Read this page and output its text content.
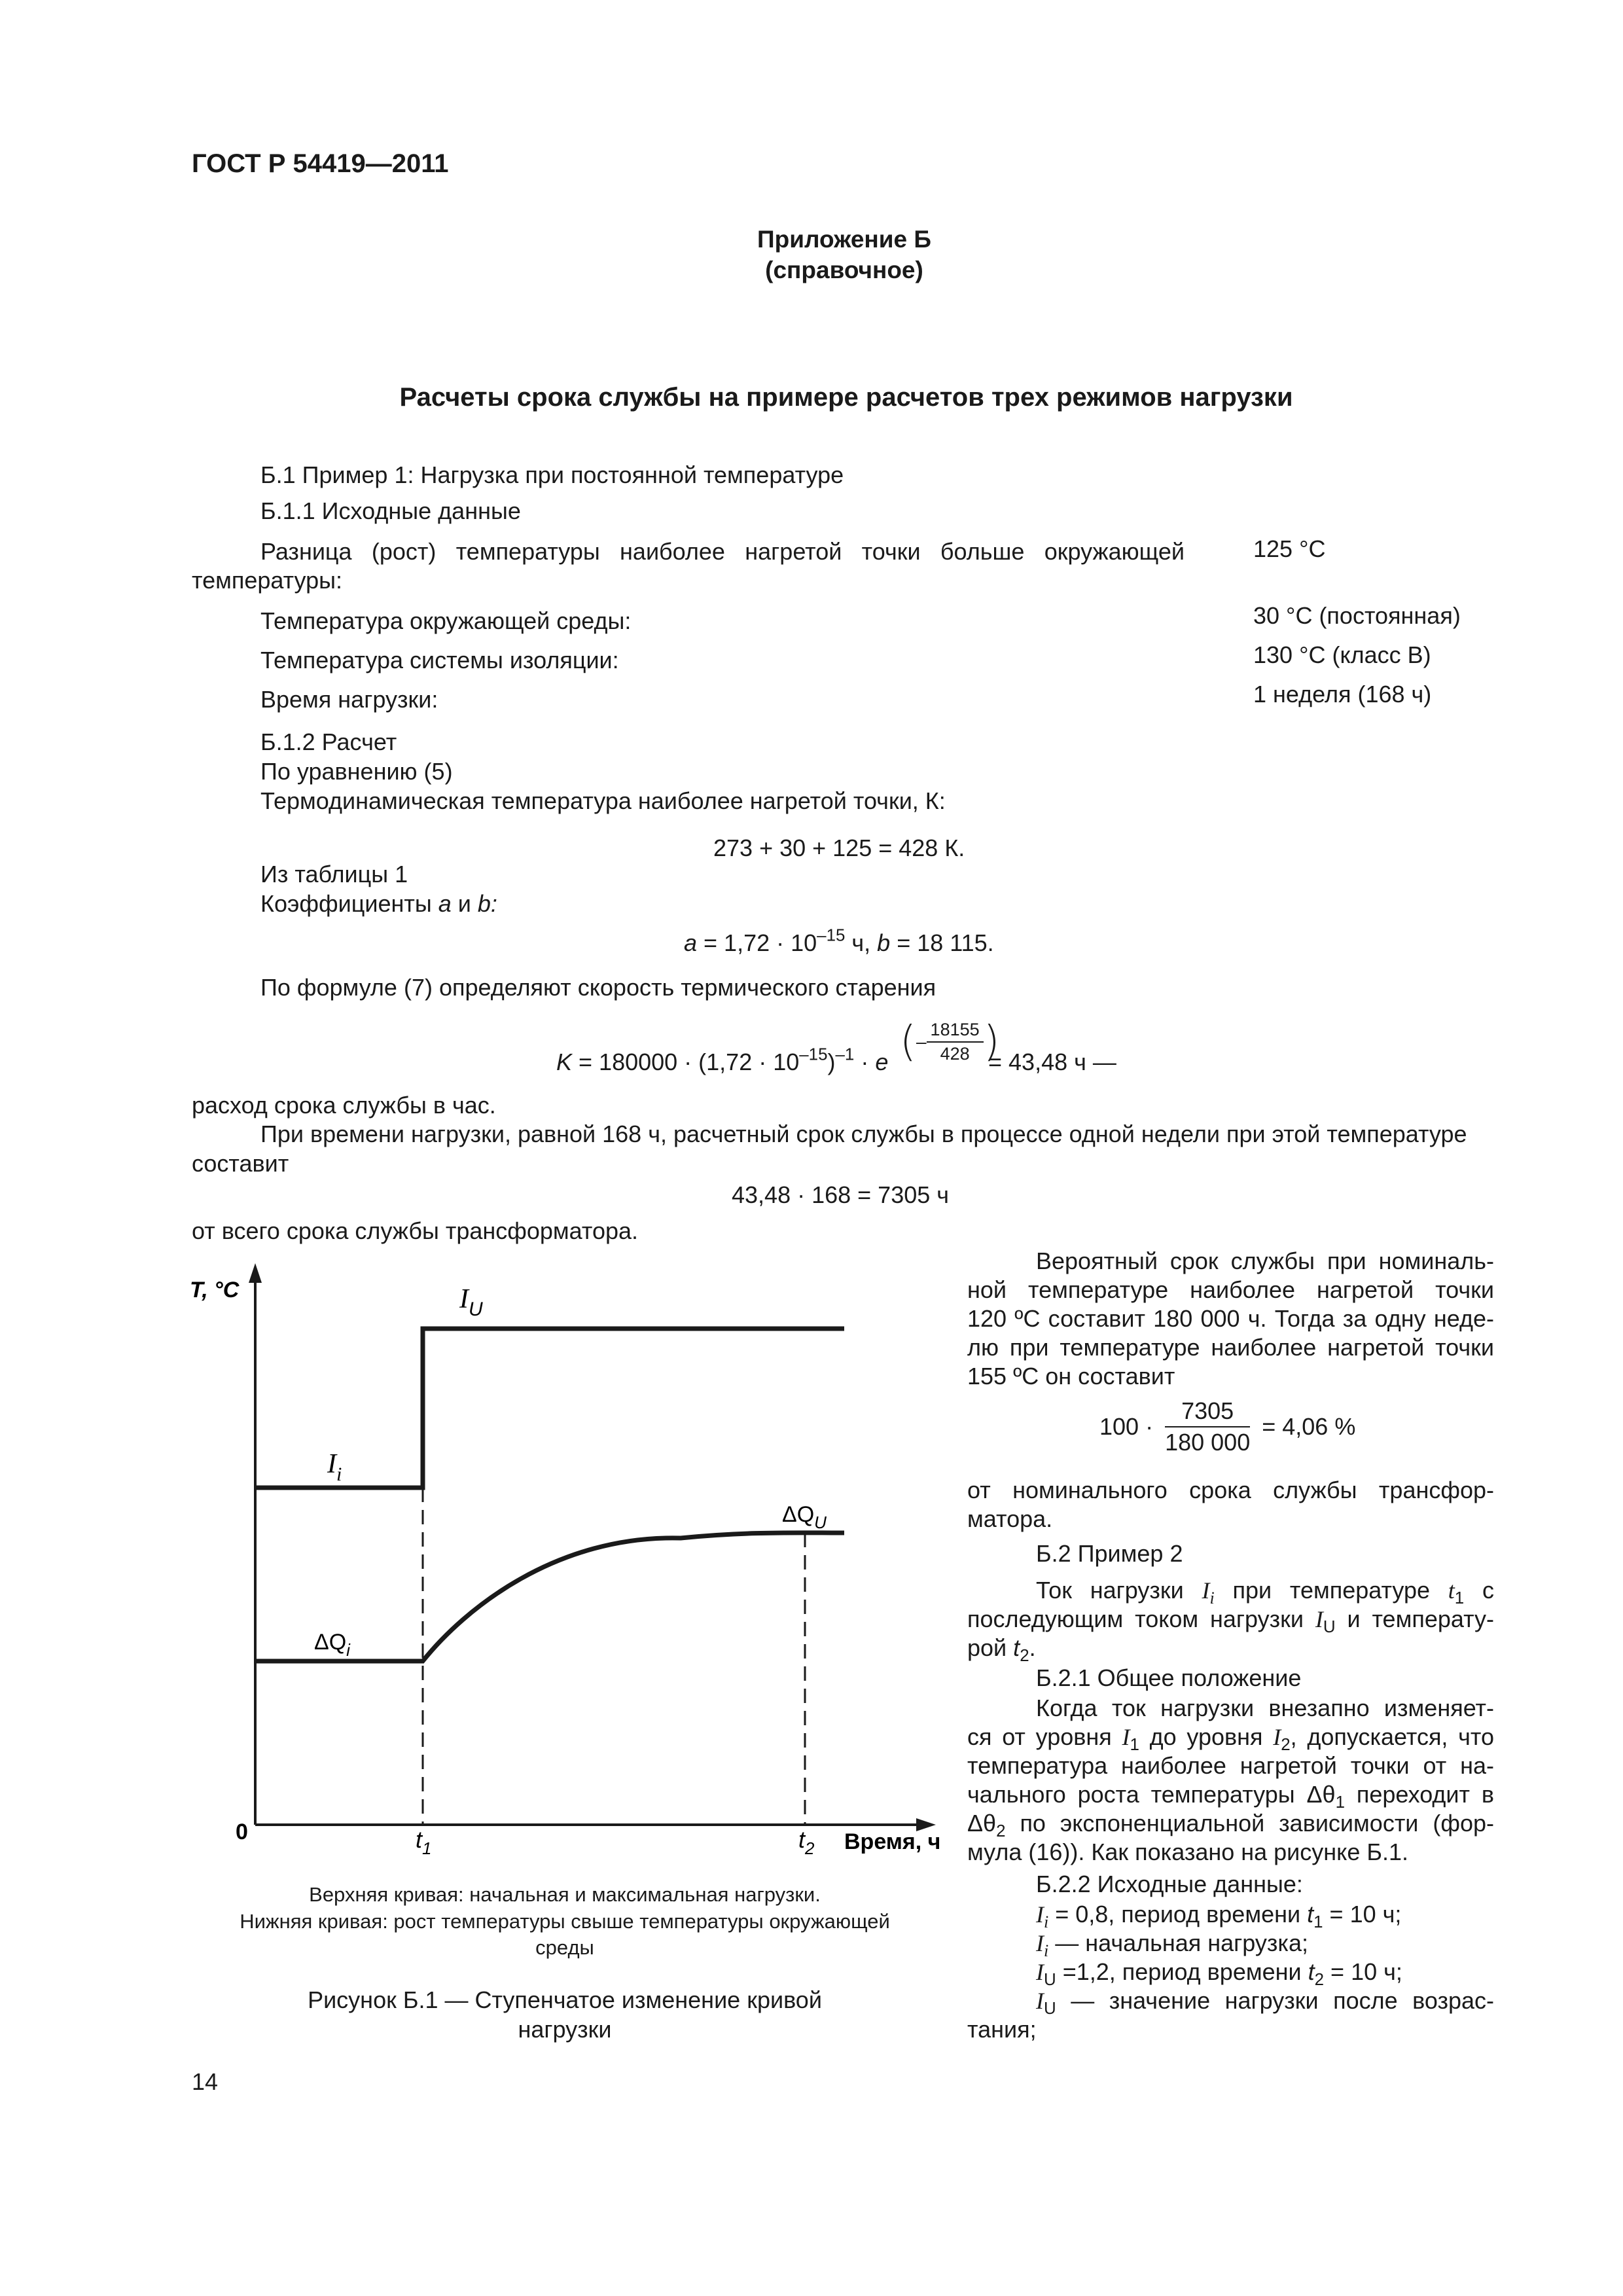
ГОСТ Р 54419—2011
Приложение Б
(справочное)
Расчеты срока службы на примере расчетов трех режимов нагрузки
Б.1 Пример 1: Нагрузка при постоянной температуре
Б.1.1 Исходные данные
Разница (рост) температуры наиболее нагретой точки больше окружающей
температуры:
125 °С
Температура окружающей среды:	30 °С (постоянная)
Температура системы изоляции:	130 °С (класс В)
Время нагрузки:	1 неделя (168 ч)
Б.1.2 Расчет
По уравнению (5)
Термодинамическая температура наиболее нагретой точки, К:
273 + 30 + 125 = 428 К.
Из таблицы 1
Коэффициенты a и b:
$a = 1,72 \cdot 10^{-15}$ ч, b = 18 115.
По формуле (7) определяют скорость термического старения
$K = 180000 \cdot (1,72 \cdot 10^{-15})^{-1} \cdot e$ (– $\frac{18155}{428}$ )
= 43,48 ч —
расход срока службы в час.
При времени нагрузки, равной 168 ч, расчетный срок службы в процессе одной недели при этой температуре
составит
43,48 · 168 = 7305 ч
от всего срока службы трансформатора.
Вероятный срок службы при номиналь-
ной температуре наиболее нагретой точки
120 ºС составит 180 000 ч. Тогда за одну неде-
лю при температуре наиболее нагретой точки
155 ºС он составит
$100 \cdot \frac{7305}{180 000} = 4,06$ %
от номинального срока службы трансфор-
матора.
Б.2 Пример 2
Ток нагрузки $I_i$ при температуре $t_1$ с
последующим током нагрузки $I_U$ и температу-
рой $t_2$.
Б.2.1 Общее положение
Когда ток нагрузки внезапно изменяет-
ся от уровня $I_1$ до уровня $I_2$, допускается, что
температура наиболее нагретой точки от на-
чального роста температуры $\Delta\theta_1$ переходит в
$\Delta\theta_2$ по экспоненциальной зависимости (фор-
мула (16)). Как показано на рисунке Б.1.
Б.2.2 Исходные данные:
$I_i = 0,8$, период времени $t_1 = 10$ ч;
$I_i$ — начальная нагрузка;
$I_U =1,2$, период времени $t_2 = 10$ ч;
$I_U$ — значение нагрузки после возрас-
тания;
T, °C
0	Время, ч
$t_1$	$t_2$
$I_U$
$I_i$
$\Delta Q_U$
$\Delta Q_i$
Верхняя кривая: начальная и максимальная нагрузки.
Нижняя кривая: рост температуры свыше температуры окружающей
среды
Рисунок Б.1 — Ступенчатое изменение кривой
нагрузки
14
